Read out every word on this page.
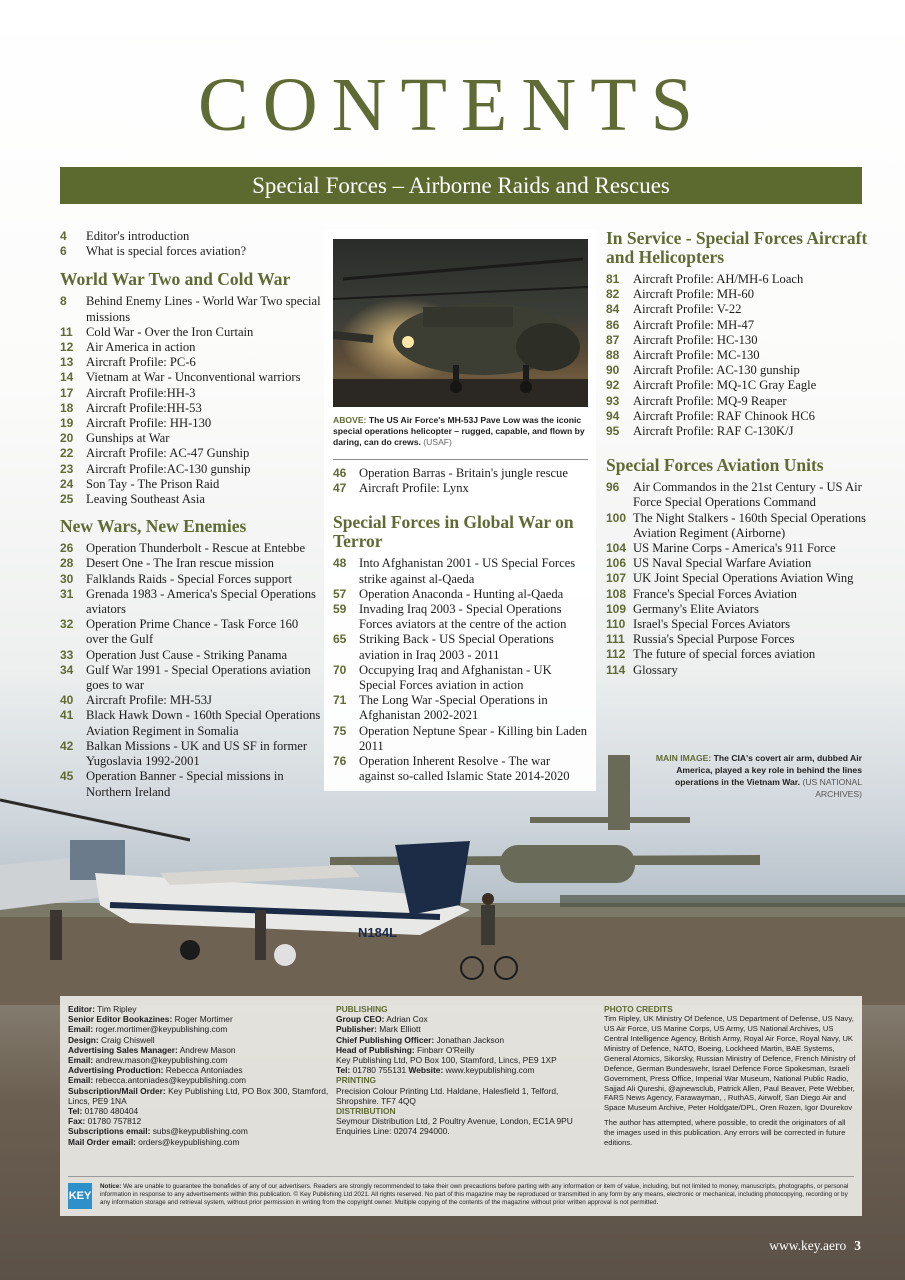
CONTENTS
Special Forces – Airborne Raids and Rescues
4	Editor's introduction
6	What is special forces aviation?
World War Two and Cold War
8	Behind Enemy Lines - World War Two special missions
11	Cold War - Over the Iron Curtain
12	Air America in action
13	Aircraft Profile: PC-6
14	Vietnam at War - Unconventional warriors
17	Aircraft Profile:HH-3
18	Aircraft Profile:HH-53
19	Aircraft Profile: HH-130
20	Gunships at War
22	Aircraft Profile: AC-47 Gunship
23	Aircraft Profile:AC-130 gunship
24	Son Tay - The Prison Raid
25	Leaving Southeast Asia
New Wars, New Enemies
26	Operation Thunderbolt - Rescue at Entebbe
28	Desert One - The Iran rescue mission
30	Falklands Raids - Special Forces support
31	Grenada 1983 - America's Special Operations aviators
32	Operation Prime Chance - Task Force 160 over the Gulf
33	Operation Just Cause - Striking Panama
34	Gulf War 1991 - Special Operations aviation goes to war
40	Aircraft Profile: MH-53J
41	Black Hawk Down - 160th Special Operations Aviation Regiment in Somalia
42	Balkan Missions - UK and US SF in former Yugoslavia 1992-2001
45	Operation Banner - Special missions in Northern Ireland
ABOVE: The US Air Force's MH-53J Pave Low was the iconic special operations helicopter – rugged, capable, and flown by daring, can do crews. (USAF)
46	Operation Barras - Britain's jungle rescue
47	Aircraft Profile: Lynx
Special Forces in Global War on Terror
48	Into Afghanistan 2001 - US Special Forces strike against al-Qaeda
57	Operation Anaconda - Hunting al-Qaeda
59	Invading Iraq 2003 - Special Operations Forces aviators at the centre of the action
65	Striking Back - US Special Operations aviation in Iraq 2003 - 2011
70	Occupying Iraq and Afghanistan - UK Special Forces aviation in action
71	The Long War -Special Operations in Afghanistan 2002-2021
75	Operation Neptune Spear - Killing bin Laden 2011
76	Operation Inherent Resolve - The war against so-called Islamic State 2014-2020
In Service - Special Forces Aircraft and Helicopters
81	Aircraft Profile: AH/MH-6 Loach
82	Aircraft Profile: MH-60
84	Aircraft Profile: V-22
86	Aircraft Profile: MH-47
87	Aircraft Profile: HC-130
88	Aircraft Profile: MC-130
90	Aircraft Profile: AC-130 gunship
92	Aircraft Profile: MQ-1C Gray Eagle
93	Aircraft Profile: MQ-9 Reaper
94	Aircraft Profile: RAF Chinook HC6
95	Aircraft Profile: RAF C-130K/J
Special Forces Aviation Units
96	Air Commandos in the 21st Century - US Air Force Special Operations Command
100 The Night Stalkers - 160th Special Operations Aviation Regiment (Airborne)
104 US Marine Corps - America's 911 Force
106 US Naval Special Warfare Aviation
107 UK Joint Special Operations Aviation Wing
108 France's Special Forces Aviation
109 Germany's Elite Aviators
110 Israel's Special Forces Aviators
111 Russia's Special Purpose Forces
112 The future of special forces aviation
114 Glossary
MAIN IMAGE: The CIA's covert air arm, dubbed Air America, played a key role in behind the lines operations in the Vietnam War. (US NATIONAL ARCHIVES)
N184L
Editor: Tim Ripley
Senior Editor Bookazines: Roger Mortimer
Email: roger.mortimer@keypublishing.com
Design: Craig Chiswell
Advertising Sales Manager: Andrew Mason
Email: andrew.mason@keypublishing.com
Advertising Production: Rebecca Antoniades
Email: rebecca.antoniades@keypublishing.com
Subscription/Mail Order: Key Publishing Ltd, PO Box 300, Stamford, Lincs, PE9 1NA
Tel: 01780 480404
Fax: 01780 757812
Subscriptions email: subs@keypublishing.com
Mail Order email: orders@keypublishing.com
PUBLISHING
Group CEO: Adrian Cox
Publisher: Mark Elliott
Chief Publishing Officer: Jonathan Jackson
Head of Publishing: Finbarr O'Reilly
Key Publishing Ltd, PO Box 100, Stamford, Lincs, PE9 1XP
Tel: 01780 755131 Website: www.keypublishing.com
PRINTING
Precision Colour Printing Ltd. Haldane, Halesfield 1, Telford, Shropshire. TF7 4QQ
DISTRIBUTION
Seymour Distribution Ltd, 2 Poultry Avenue, London, EC1A 9PU
Enquiries Line: 02074 294000.
PHOTO CREDITS
Tim Ripley, UK Ministry Of Defence, US Department of Defense, US Navy, US Air Force, US Marine Corps, US Army, US National Archives, US Central Intelligence Agency, British Army, Royal Air Force, Royal Navy, UK Ministry of Defence, NATO, Boeing, Lockheed Martin, BAE Systems, General Atomics, Sikorsky, Russian Ministry of Defence, French Ministry of Defence, German Bundeswehr, Israel Defence Force Spokesman, Israeli Government, Press Office, Imperial War Museum, National Public Radio, Sajjad Ali Qureshi, @ajnewsclub, Patrick Allen, Paul Beaver, Pete Webber, FARS News Agency, Farawayman, , RuthAS, Airwolf, San Diego Air and Space Museum Archive, Peter Holdgate/DPL, Oren Rozen, Igor Dvurekov
The author has attempted, where possible, to credit the originators of all the images used in this publication. Any errors will be corrected in future editions.
KEY
Notice: We are unable to guarantee the bonafides of any of our advertisers. Readers are strongly recommended to take their own precautions before parting with any information or item of value, including, but not limited to money, manuscripts, photographs, or personal information in response to any advertisements within this publication. © Key Publishing Ltd 2021. All rights reserved. No part of this magazine may be reproduced or transmitted in any form by any means, electronic or mechanical, including photocopying, recording or by any information storage and retrieval system, without prior permission in writing from the copyright owner. Multiple copying of the contents of the magazine without prior written approval is not permitted.
www.key.aero 3
